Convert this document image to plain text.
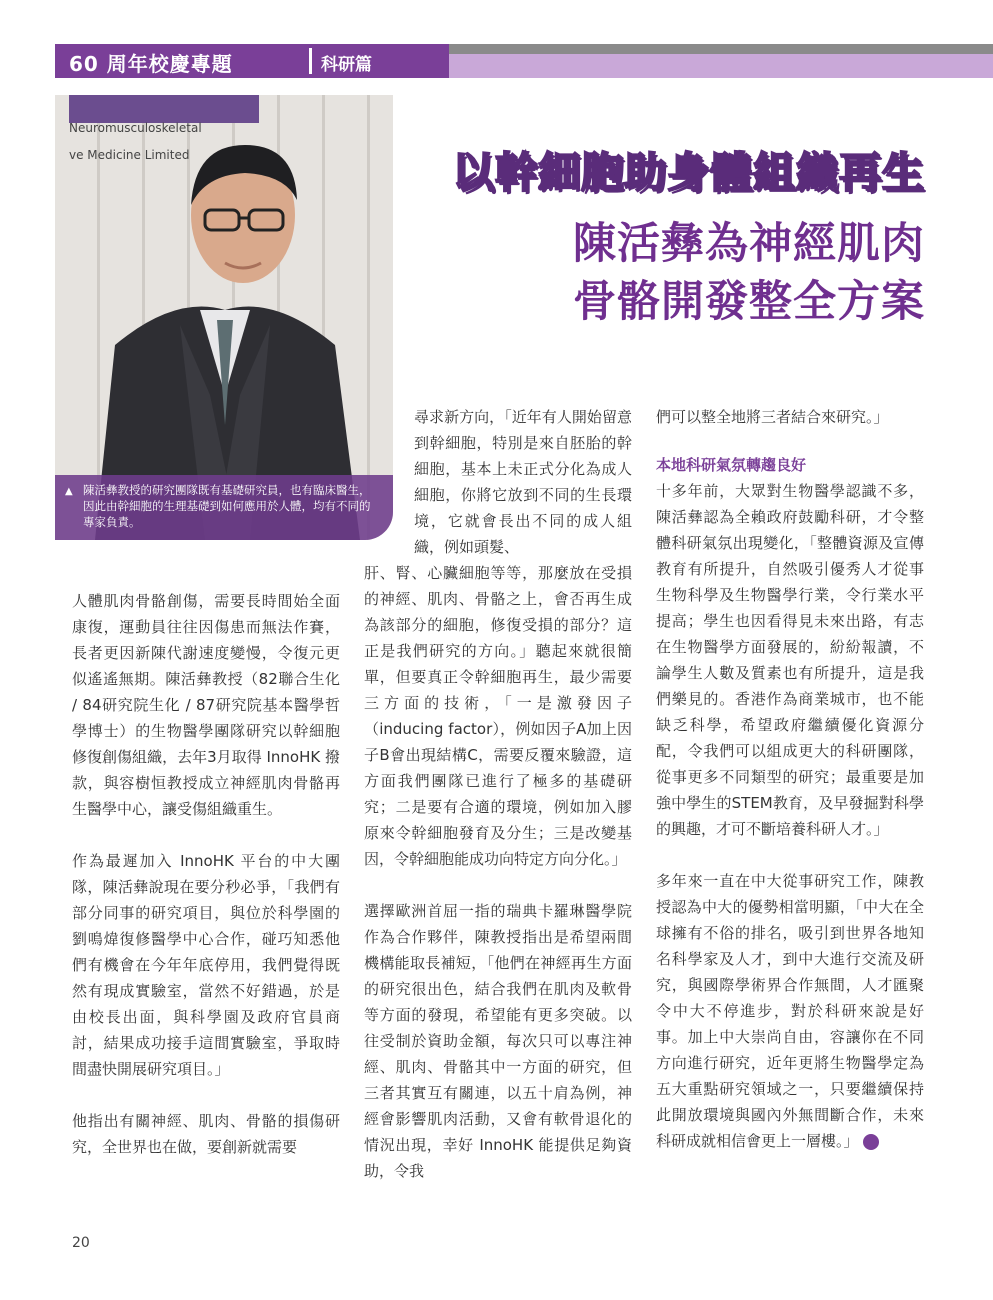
60 周年校慶專題	科研篇
Neuromusculoskeletal
ve Medicine Limited
▲ 陳活彝教授的研究團隊既有基礎研究員，也有臨床醫生，因此由幹細胞的生理基礎到如何應用於人體，均有不同的專家負責。
以幹細胞助身體組織再生
陳活彝為神經肌肉
骨骼開發整全方案

人體肌肉骨骼創傷，需要長時間始全面康復，運動員往往因傷患而無法作賽，長者更因新陳代謝速度變慢，令復元更似遙遙無期。陳活彝教授（82聯合生化 / 84研究院生化 / 87研究院基本醫學哲學博士）的生物醫學團隊研究以幹細胞修復創傷組織，去年3月取得 InnoHK 撥款，與容樹恒教授成立神經肌肉骨骼再生醫學中心，讓受傷組織重生。

作為最遲加入 InnoHK 平台的中大團隊，陳活彝說現在要分秒必爭，「我們有部分同事的研究項目，與位於科學園的劉鳴煒復修醫學中心合作，碰巧知悉他們有機會在今年年底停用，我們覺得既然有現成實驗室，當然不好錯過，於是由校長出面，與科學園及政府官員商討，結果成功接手這間實驗室，爭取時間盡快開展研究項目。」

他指出有關神經、肌肉、骨骼的損傷研究，全世界也在做，要創新就需要

尋求新方向，「近年有人開始留意到幹細胞，特別是來自胚胎的幹細胞，基本上未正式分化為成人細胞，你將它放到不同的生長環境，它就會長出不同的成人組織，例如頭髮、

肝、腎、心臟細胞等等，那麼放在受損的神經、肌肉、骨骼之上，會否再生成為該部分的細胞，修復受損的部分？這正是我們研究的方向。」聽起來就很簡單，但要真正令幹細胞再生，最少需要三方面的技術，「一是激發因子（inducing factor），例如因子A加上因子B會出現結構C，需要反覆來驗證，這方面我們團隊已進行了極多的基礎研究；二是要有合適的環境，例如加入膠原來令幹細胞發育及分生；三是改變基因，令幹細胞能成功向特定方向分化。」

選擇歐洲首屈一指的瑞典卡羅琳醫學院作為合作夥伴，陳教授指出是希望兩間機構能取長補短，「他們在神經再生方面的研究很出色，結合我們在肌肉及軟骨等方面的發現，希望能有更多突破。以往受制於資助金額，每次只可以專注神經、肌肉、骨骼其中一方面的研究，但三者其實互有關連，以五十肩為例，神經會影響肌肉活動，又會有軟骨退化的情況出現，幸好 InnoHK 能提供足夠資助，令我

們可以整全地將三者結合來研究。」

本地科研氣氛轉趨良好

十多年前，大眾對生物醫學認識不多，陳活彝認為全賴政府鼓勵科研，才令整體科研氣氛出現變化，「整體資源及宣傳教育有所提升，自然吸引優秀人才從事生物科學及生物醫學行業，令行業水平提高；學生也因看得見未來出路，有志在生物醫學方面發展的，紛紛報讀，不論學生人數及質素也有所提升，這是我們樂見的。香港作為商業城市，也不能缺乏科學，希望政府繼續優化資源分配，令我們可以組成更大的科研團隊，從事更多不同類型的研究；最重要是加強中學生的STEM教育，及早發掘對科學的興趣，才可不斷培養科研人才。」

多年來一直在中大從事研究工作，陳教授認為中大的優勢相當明顯，「中大在全球擁有不俗的排名，吸引到世界各地知名科學家及人才，到中大進行交流及研究，與國際學術界合作無間，人才匯聚令中大不停進步，對於科研來說是好事。加上中大崇尚自由，容讓你在不同方向進行研究，近年更將生物醫學定為五大重點研究領域之一，只要繼續保持此開放環境與國內外無間斷合作，未來科研成就相信會更上一層樓。」

20
